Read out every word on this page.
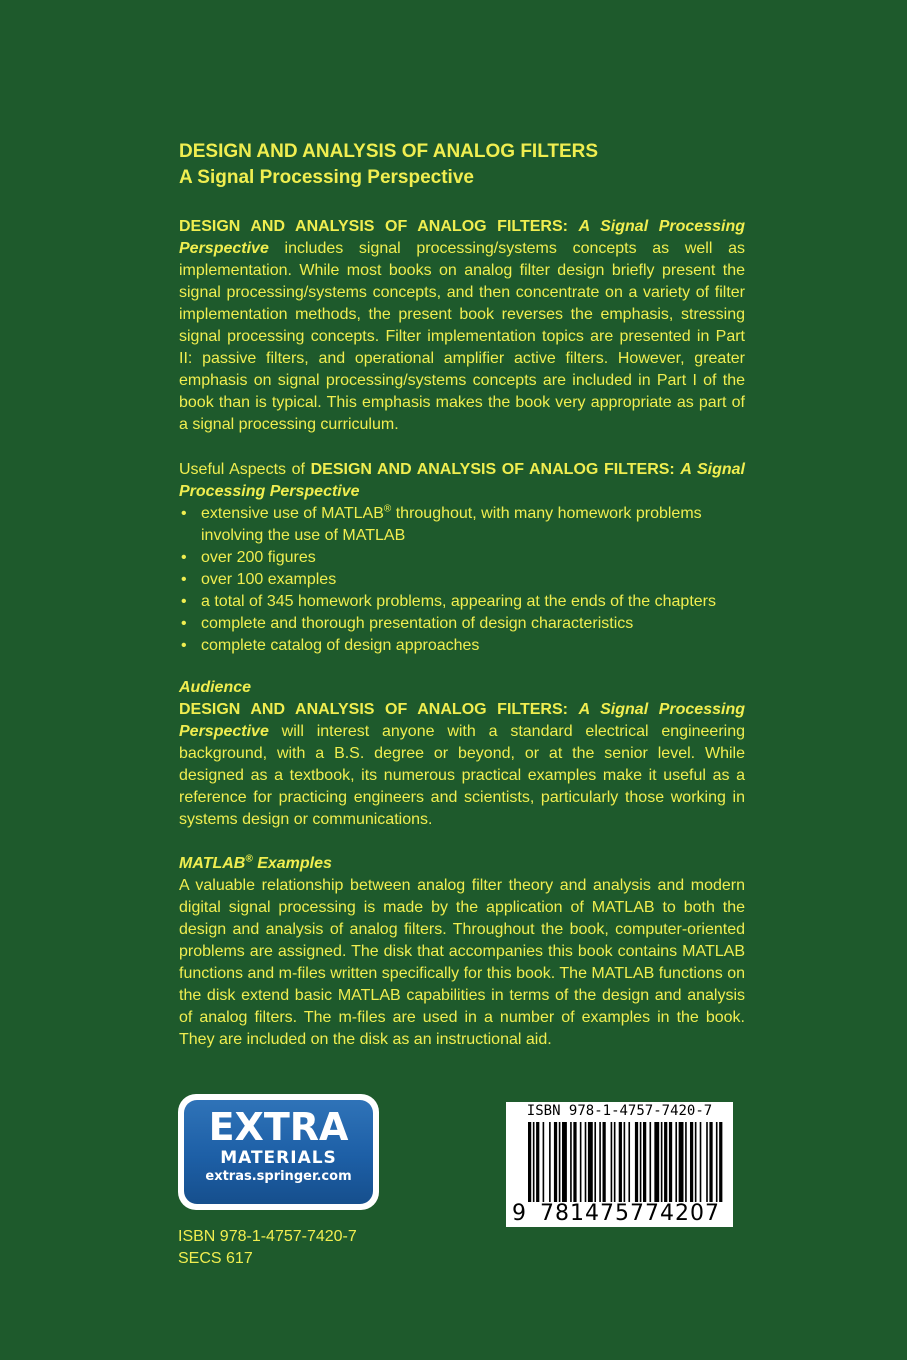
DESIGN AND ANALYSIS OF ANALOG FILTERS
A Signal Processing Perspective

DESIGN AND ANALYSIS OF ANALOG FILTERS: A Signal Processing Perspective includes signal processing/systems concepts as well as implementation. While most books on analog filter design briefly present the signal processing/systems concepts, and then concentrate on a variety of filter implementation methods, the present book reverses the emphasis, stressing signal processing concepts. Filter implementation topics are presented in Part II: passive filters, and operational amplifier active filters. However, greater emphasis on signal processing/systems concepts are included in Part I of the book than is typical. This emphasis makes the book very appropriate as part of a signal processing curriculum.

Useful Aspects of DESIGN AND ANALYSIS OF ANALOG FILTERS: A Signal Processing Perspective

• extensive use of MATLAB® throughout, with many homework problems involving the use of MATLAB
• over 200 figures
• over 100 examples
• a total of 345 homework problems, appearing at the ends of the chapters
• complete and thorough presentation of design characteristics
• complete catalog of design approaches

Audience

DESIGN AND ANALYSIS OF ANALOG FILTERS: A Signal Processing Perspective will interest anyone with a standard electrical engineering background, with a B.S. degree or beyond, or at the senior level. While designed as a textbook, its numerous practical examples make it useful as a reference for practicing engineers and scientists, particularly those working in systems design or communications.

MATLAB® Examples

A valuable relationship between analog filter theory and analysis and modern digital signal processing is made by the application of MATLAB to both the design and analysis of analog filters. Throughout the book, computer-oriented problems are assigned. The disk that accompanies this book contains MATLAB functions and m-files written specifically for this book. The MATLAB functions on the disk extend basic MATLAB capabilities in terms of the design and analysis of analog filters. The m-files are used in a number of examples in the book. They are included on the disk as an instructional aid.

EXTRA
MATERIALS
extras.springer.com
ISBN 978-1-4757-7420-7
SECS 617
ISBN 978-1-4757-7420-7
9 781475 774207
